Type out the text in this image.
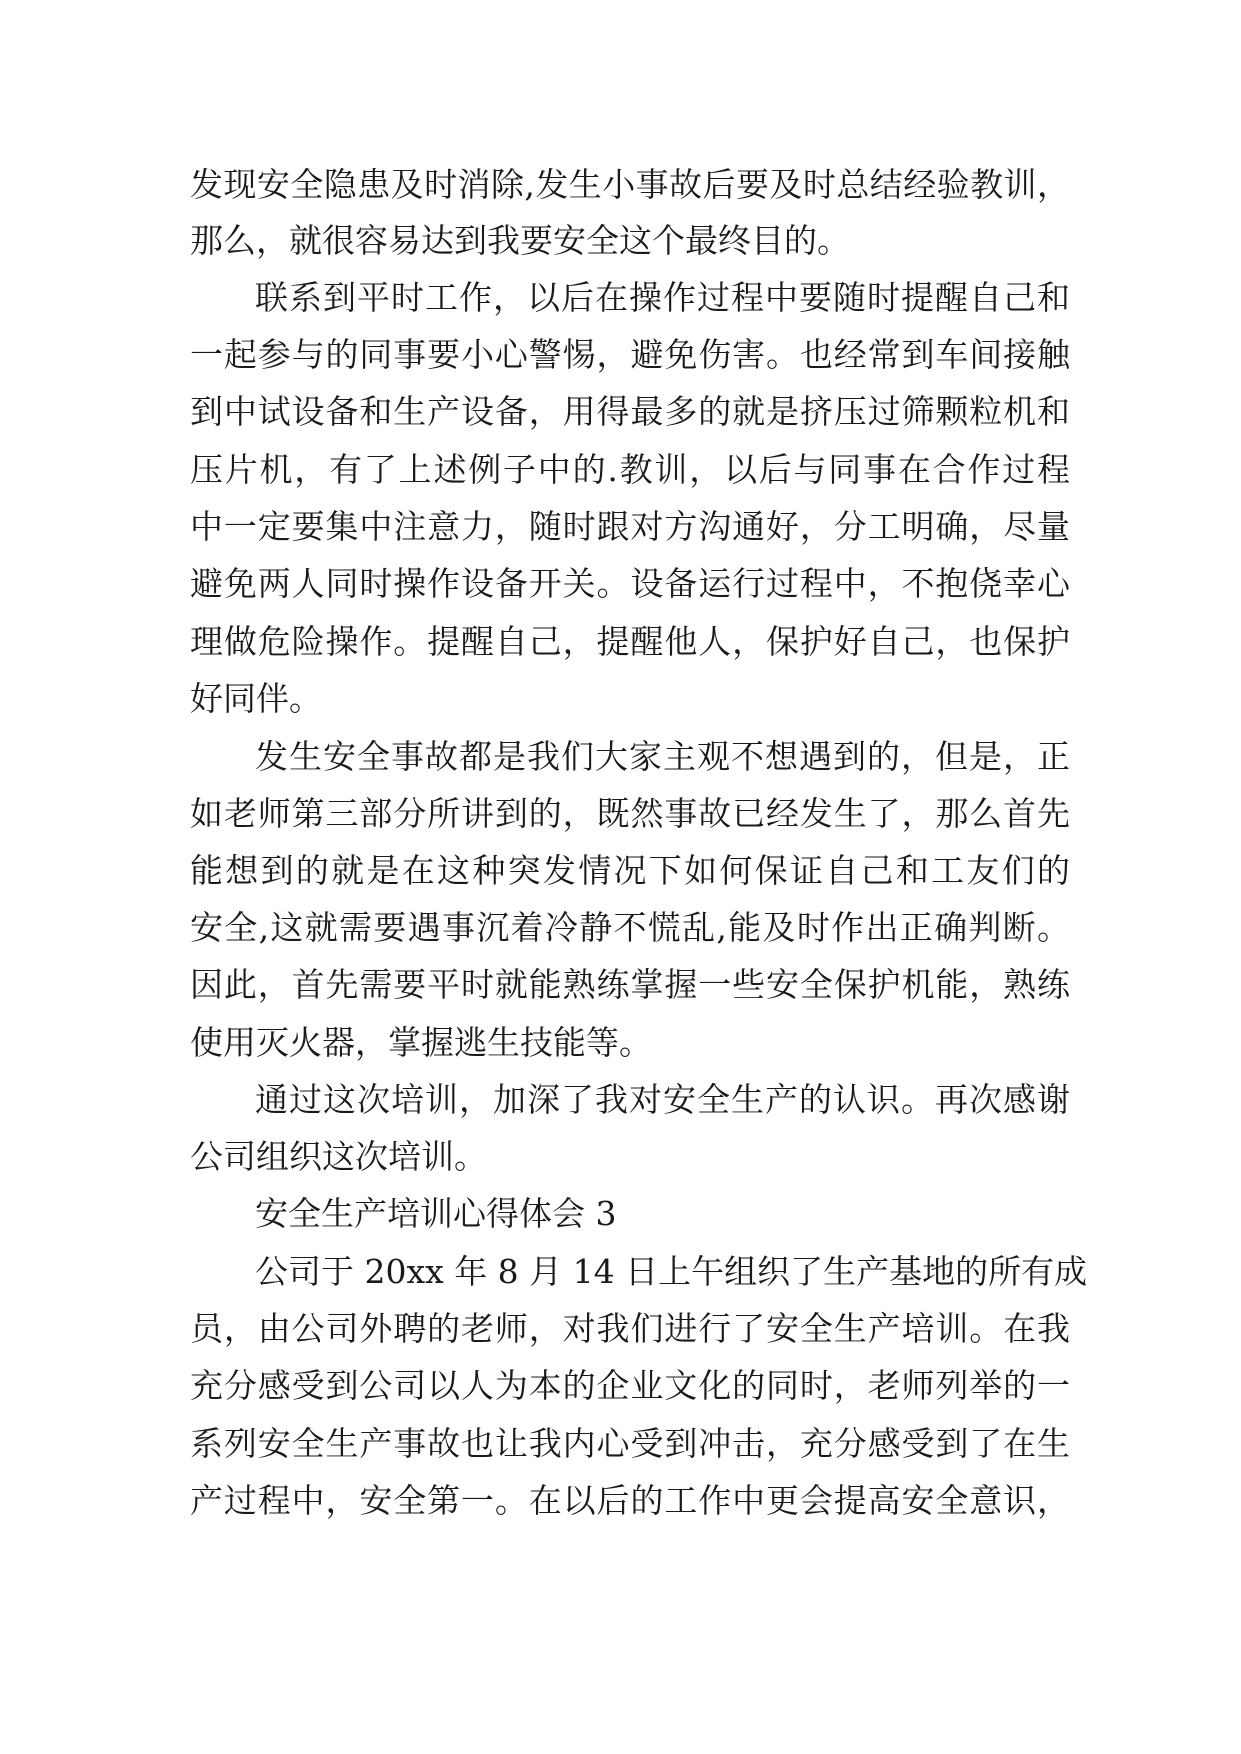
发现安全隐患及时消除,发生小事故后要及时总结经验教训，
那么，就很容易达到我要安全这个最终目的。
联系到平时工作，以后在操作过程中要随时提醒自己和
一起参与的同事要小心警惕，避免伤害。也经常到车间接触
到中试设备和生产设备，用得最多的就是挤压过筛颗粒机和
压片机，有了上述例子中的.教训，以后与同事在合作过程
中一定要集中注意力，随时跟对方沟通好，分工明确，尽量
避免两人同时操作设备开关。设备运行过程中，不抱侥幸心
理做危险操作。提醒自己，提醒他人，保护好自己，也保护
好同伴。
发生安全事故都是我们大家主观不想遇到的，但是，正
如老师第三部分所讲到的，既然事故已经发生了，那么首先
能想到的就是在这种突发情况下如何保证自己和工友们的
安全,这就需要遇事沉着冷静不慌乱,能及时作出正确判断。
因此，首先需要平时就能熟练掌握一些安全保护机能，熟练
使用灭火器，掌握逃生技能等。
通过这次培训，加深了我对安全生产的认识。再次感谢
公司组织这次培训。
安全生产培训心得体会 3
公司于 20xx 年 8 月 14 日上午组织了生产基地的所有成
员，由公司外聘的老师，对我们进行了安全生产培训。在我
充分感受到公司以人为本的企业文化的同时，老师列举的一
系列安全生产事故也让我内心受到冲击，充分感受到了在生
产过程中，安全第一。在以后的工作中更会提高安全意识，
